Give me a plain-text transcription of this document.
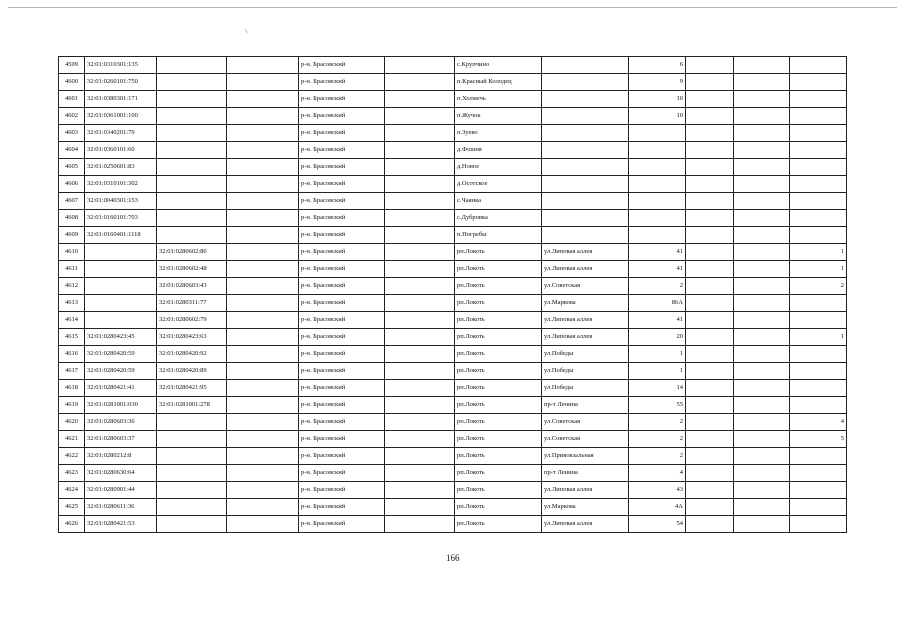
⸜
4599	32:01:0310301:135			р-н. Брасовский		с.Крупчино		6			
4600	32:01:0260101:750			р-н. Брасовский		п.Красный Колодец		9			
4601	32:01:0380301:171			р-н. Брасовский		п.Холмечь		10			
4602	32:01:0361001:100			р-н. Брасовский		п.Жучок		10			
4603	32:01:0340201:79			р-н. Брасовский		п.Зуево					
4604	32:01:0360101:60			р-н. Брасовский		д.Фошня					
4605	32:01:0250601:83			р-н. Брасовский		д.Новое					
4606	32:01:0310101:302			р-н. Брасовский		д.Осотское					
4607	32:01:0040301:153			р-н. Брасовский		с.Чаянка					
4608	32:01:0160101:703			р-н. Брасовский		с.Дубровка					
4609	32:01:0160401:1118			р-н. Брасовский		п.Погребы					
4610		32:01:0280602:80		р-н. Брасовский		рп.Локоть	ул.Липовая аллея	41			1
4611		32:01:0280602:48		р-н. Брасовский		рп.Локоть	ул.Липовая аллея	41			1
4612		32:01:0280603:43		р-н. Брасовский		рп.Локоть	ул.Советская	2			2
4613		32:01:0280311:77		р-н. Брасовский		рп.Локоть	ул.Маркова	86А			
4614		32:01:0280602:79		р-н. Брасовский		рп.Локоть	ул.Липовая аллея	41			
4615	32:01:0280423:45	32:01:0280423:63		р-н. Брасовский		рп.Локоть	ул.Липовая аллея	20			1
4616	32:01:0280420:59	32:01:0280420:92		р-н. Брасовский		рп.Локоть	ул.Победы	1			
4617	32:01:0280420:59	32:01:0280420:89		р-н. Брасовский		рп.Локоть	ул.Победы	1			
4618	32:01:0280421:41	32:01:0280421:95		р-н. Брасовский		рп.Локоть	ул.Победы	14			
4619	32:01:0281001:030	32:01:0281001:278		р-н. Брасовский		рп.Локоть	пр-т Ленина	55			
4620	32:01:0280603:36			р-н. Брасовский		рп.Локоть	ул.Советская	2			4
4621	32:01:0280603:37			р-н. Брасовский		рп.Локоть	ул.Советская	2			5
4622	32:01:0280212:8			р-н. Брасовский		рп.Локоть	ул.Привокзальная	2			
4623	32:01:0280630:64			р-н. Брасовский		рп.Локоть	пр-т Ленина	4			
4624	32:01:0280901:44			р-н. Брасовский		рп.Локоть	ул.Липовая аллея	43			
4625	32:01:0280611:36			р-н. Брасовский		рп.Локоть	ул.Маркова	4А			
4626	32:01:0280421:53			р-н. Брасовский		рп.Локоть	ул.Липовая аллея	54			
166
